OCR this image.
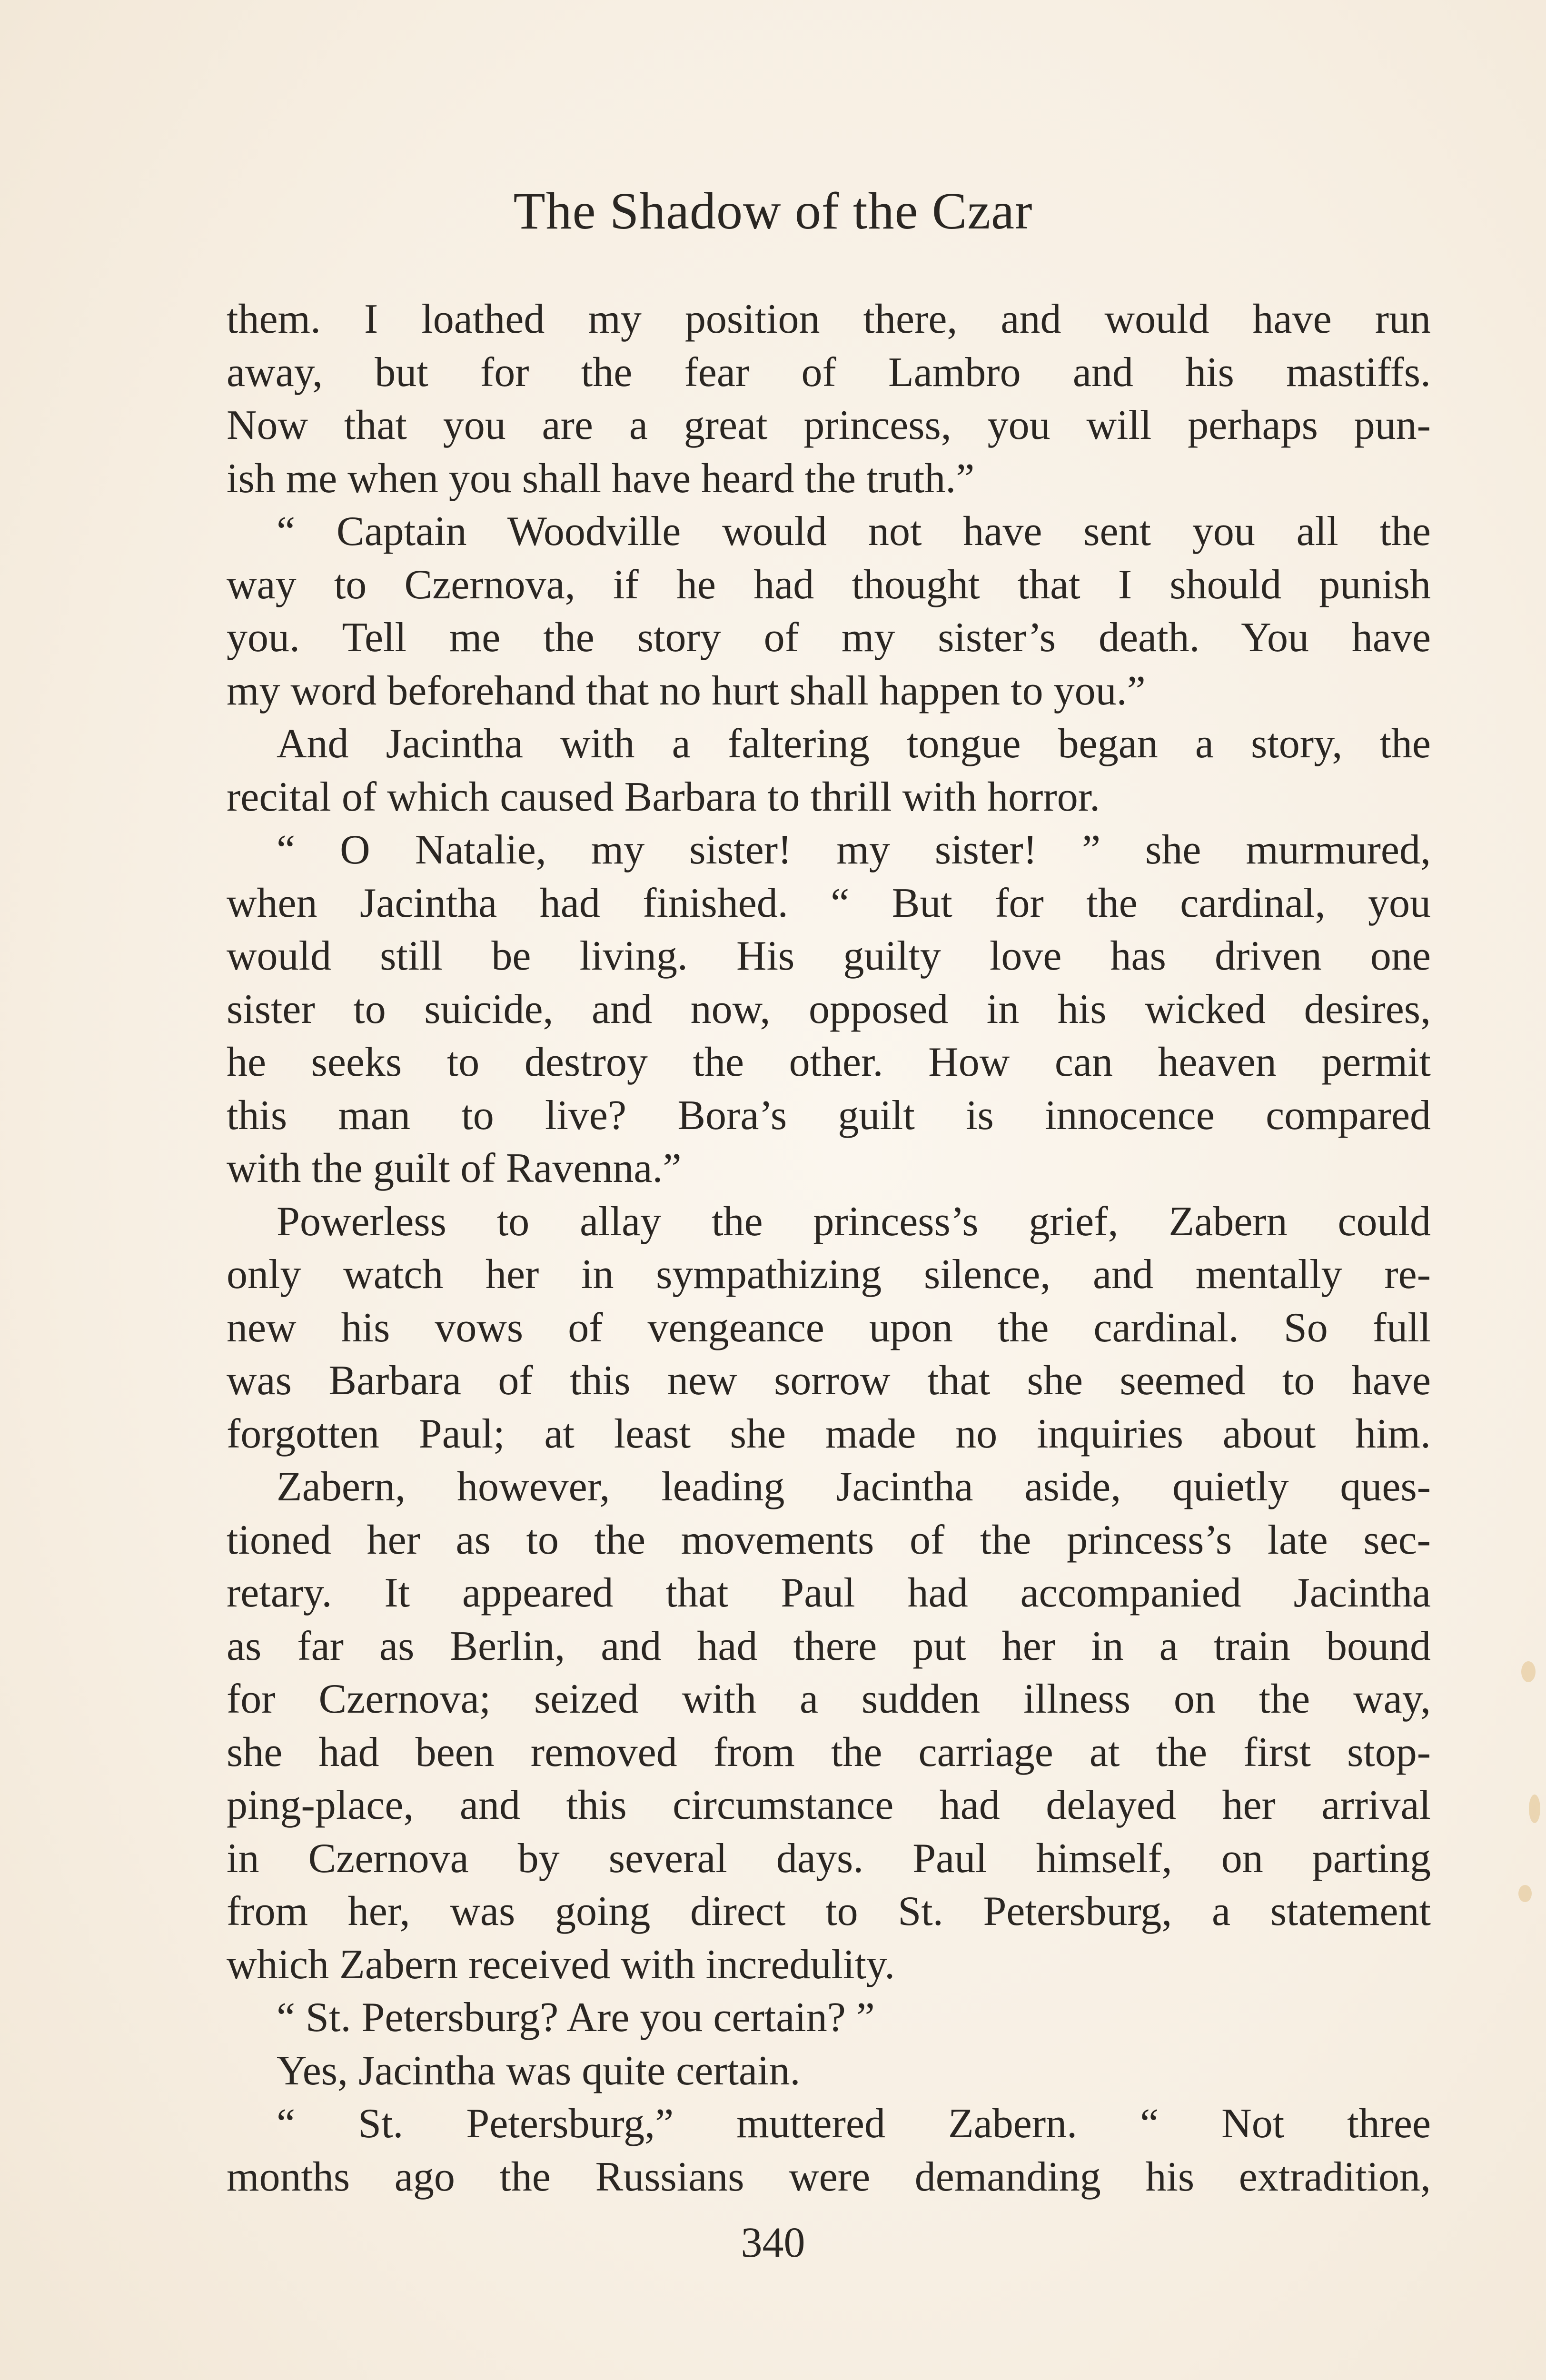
The Shadow of the Czar
them. I loathed my position there, and would have run
away, but for the fear of Lambro and his mastiffs.
Now that you are a great princess, you will perhaps pun-
ish me when you shall have heard the truth.”
“ Captain Woodville would not have sent you all the
way to Czernova, if he had thought that I should punish
you. Tell me the story of my sister’s death. You have
my word beforehand that no hurt shall happen to you.”
And Jacintha with a faltering tongue began a story, the
recital of which caused Barbara to thrill with horror.
“ O Natalie, my sister! my sister! ” she murmured,
when Jacintha had finished. “ But for the cardinal, you
would still be living. His guilty love has driven one
sister to suicide, and now, opposed in his wicked desires,
he seeks to destroy the other. How can heaven permit
this man to live? Bora’s guilt is innocence compared
with the guilt of Ravenna.”
Powerless to allay the princess’s grief, Zabern could
only watch her in sympathizing silence, and mentally re-
new his vows of vengeance upon the cardinal. So full
was Barbara of this new sorrow that she seemed to have
forgotten Paul; at least she made no inquiries about him.
Zabern, however, leading Jacintha aside, quietly ques-
tioned her as to the movements of the princess’s late sec-
retary. It appeared that Paul had accompanied Jacintha
as far as Berlin, and had there put her in a train bound
for Czernova; seized with a sudden illness on the way,
she had been removed from the carriage at the first stop-
ping-place, and this circumstance had delayed her arrival
in Czernova by several days. Paul himself, on parting
from her, was going direct to St. Petersburg, a statement
which Zabern received with incredulity.
“ St. Petersburg? Are you certain? ”
Yes, Jacintha was quite certain.
“ St. Petersburg,” muttered Zabern. “ Not three
months ago the Russians were demanding his extradition,
340
